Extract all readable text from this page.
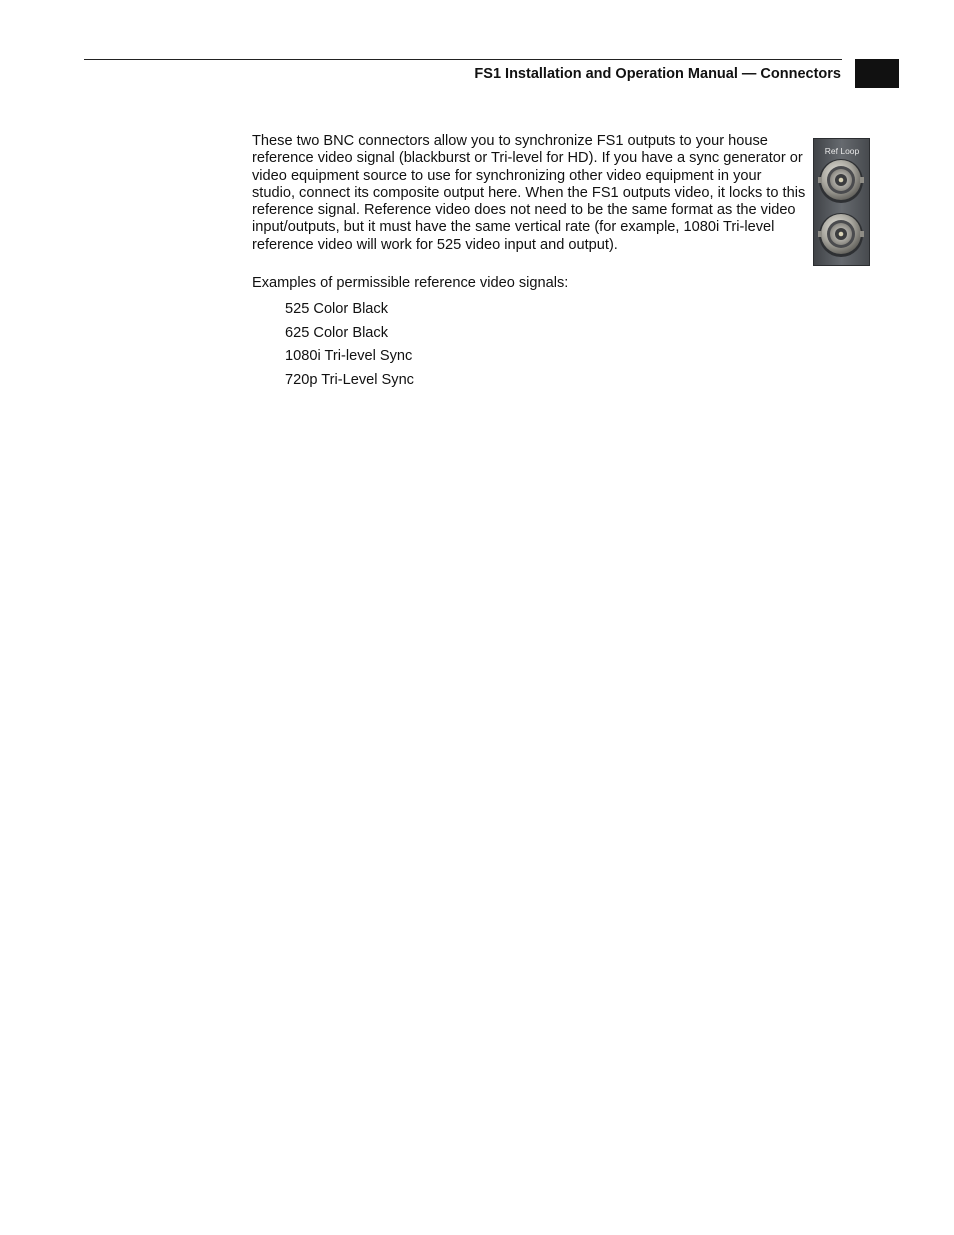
FS1 Installation and Operation Manual — Connectors

These two BNC connectors allow you to synchronize FS1 outputs to your house reference video signal (blackburst or Tri-level for HD). If you have a sync generator or video equipment source to use for synchronizing other video equipment in your studio, connect its composite output here. When the FS1 outputs video, it locks to this reference signal. Reference video does not need to be the same format as the video input/outputs, but it must have the same vertical rate (for example, 1080i Tri-level reference video will work for 525 video input and output).

Examples of permissible reference video signals:

525 Color Black
625 Color Black
1080i Tri-level Sync
720p Tri-Level Sync
Ref Loop
